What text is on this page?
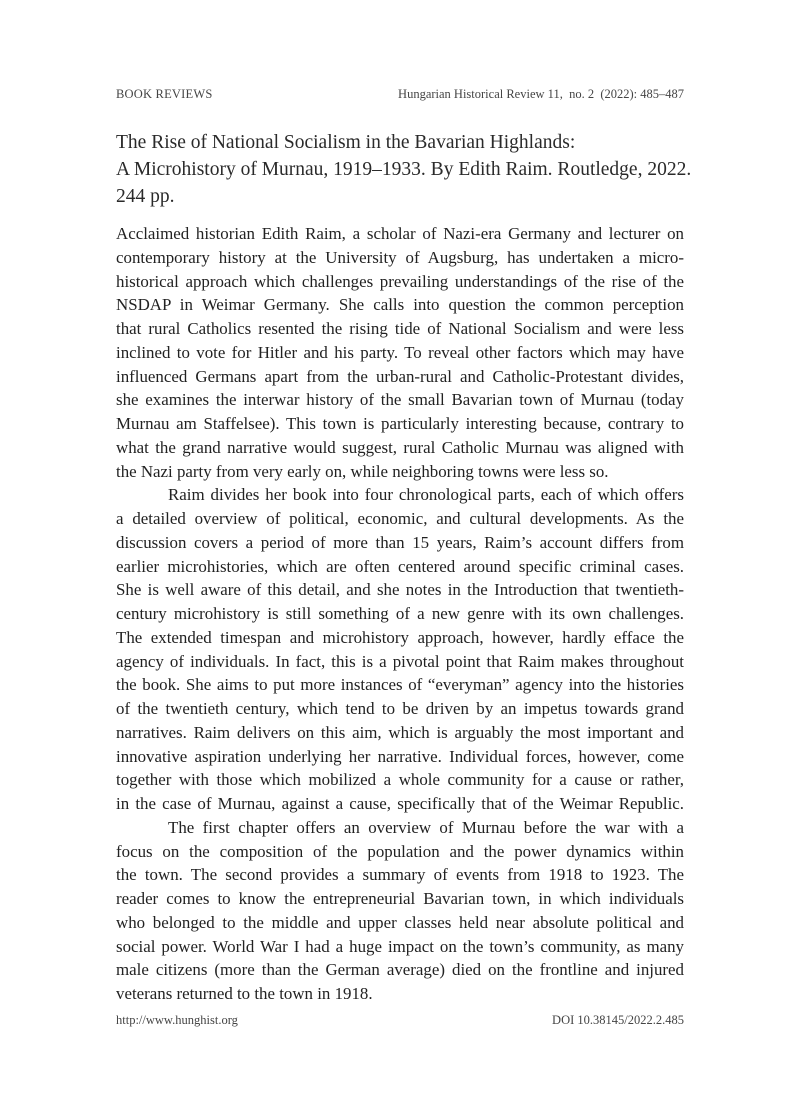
BOOK REVIEWS	Hungarian Historical Review 11,  no. 2  (2022): 485–487
The Rise of National Socialism in the Bavarian Highlands:
A Microhistory of Murnau, 1919–1933. By Edith Raim. Routledge, 2022.
244 pp.

Acclaimed historian Edith Raim, a scholar of Nazi-era Germany and lecturer on
contemporary history at the University of Augsburg, has undertaken a micro-
historical approach which challenges prevailing understandings of the rise of the
NSDAP in Weimar Germany. She calls into question the common perception
that rural Catholics resented the rising tide of National Socialism and were less
inclined to vote for Hitler and his party. To reveal other factors which may have
influenced Germans apart from the urban-rural and Catholic-Protestant divides,
she examines the interwar history of the small Bavarian town of Murnau (today
Murnau am Staffelsee). This town is particularly interesting because, contrary to
what the grand narrative would suggest, rural Catholic Murnau was aligned with
the Nazi party from very early on, while neighboring towns were less so.

Raim divides her book into four chronological parts, each of which offers
a detailed overview of political, economic, and cultural developments. As the
discussion covers a period of more than 15 years, Raim’s account differs from
earlier microhistories, which are often centered around specific criminal cases.
She is well aware of this detail, and she notes in the Introduction that twentieth-
century microhistory is still something of a new genre with its own challenges.
The extended timespan and microhistory approach, however, hardly efface the
agency of individuals. In fact, this is a pivotal point that Raim makes throughout
the book. She aims to put more instances of “everyman” agency into the histories
of the twentieth century, which tend to be driven by an impetus towards grand
narratives. Raim delivers on this aim, which is arguably the most important and
innovative aspiration underlying her narrative. Individual forces, however, come
together with those which mobilized a whole community for a cause or rather,
in the case of Murnau, against a cause, specifically that of the Weimar Republic.

The first chapter offers an overview of Murnau before the war with a
focus on the composition of the population and the power dynamics within
the town. The second provides a summary of events from 1918 to 1923. The
reader comes to know the entrepreneurial Bavarian town, in which individuals
who belonged to the middle and upper classes held near absolute political and
social power. World War I had a huge impact on the town’s community, as many
male citizens (more than the German average) died on the frontline and injured
veterans returned to the town in 1918.

http://www.hunghist.org	DOI 10.38145/2022.2.485
